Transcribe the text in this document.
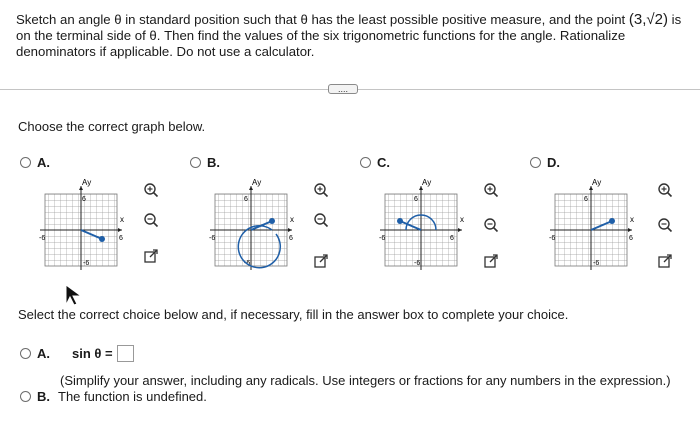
Sketch an angle θ in standard position such that θ has the least possible positive measure, and the point (3,√2) is on the terminal side of θ. Then find the values of the six trigonometric functions for the angle. Rationalize denominators if applicable. Do not use a calculator.

....
Choose the correct graph below.
A.	B.	C.	D.
Ay
x
6
6
-6
-6
Ay
x
6
6
-6
-6
Ay
x
6
6
-6
-6
Ay
x
6
6
-6
-6
Select the correct choice below and, if necessary, fill in the answer box to complete your choice.
A. sin θ =
(Simplify your answer, including any radicals. Use integers or fractions for any numbers in the expression.)
B. The function is undefined.
